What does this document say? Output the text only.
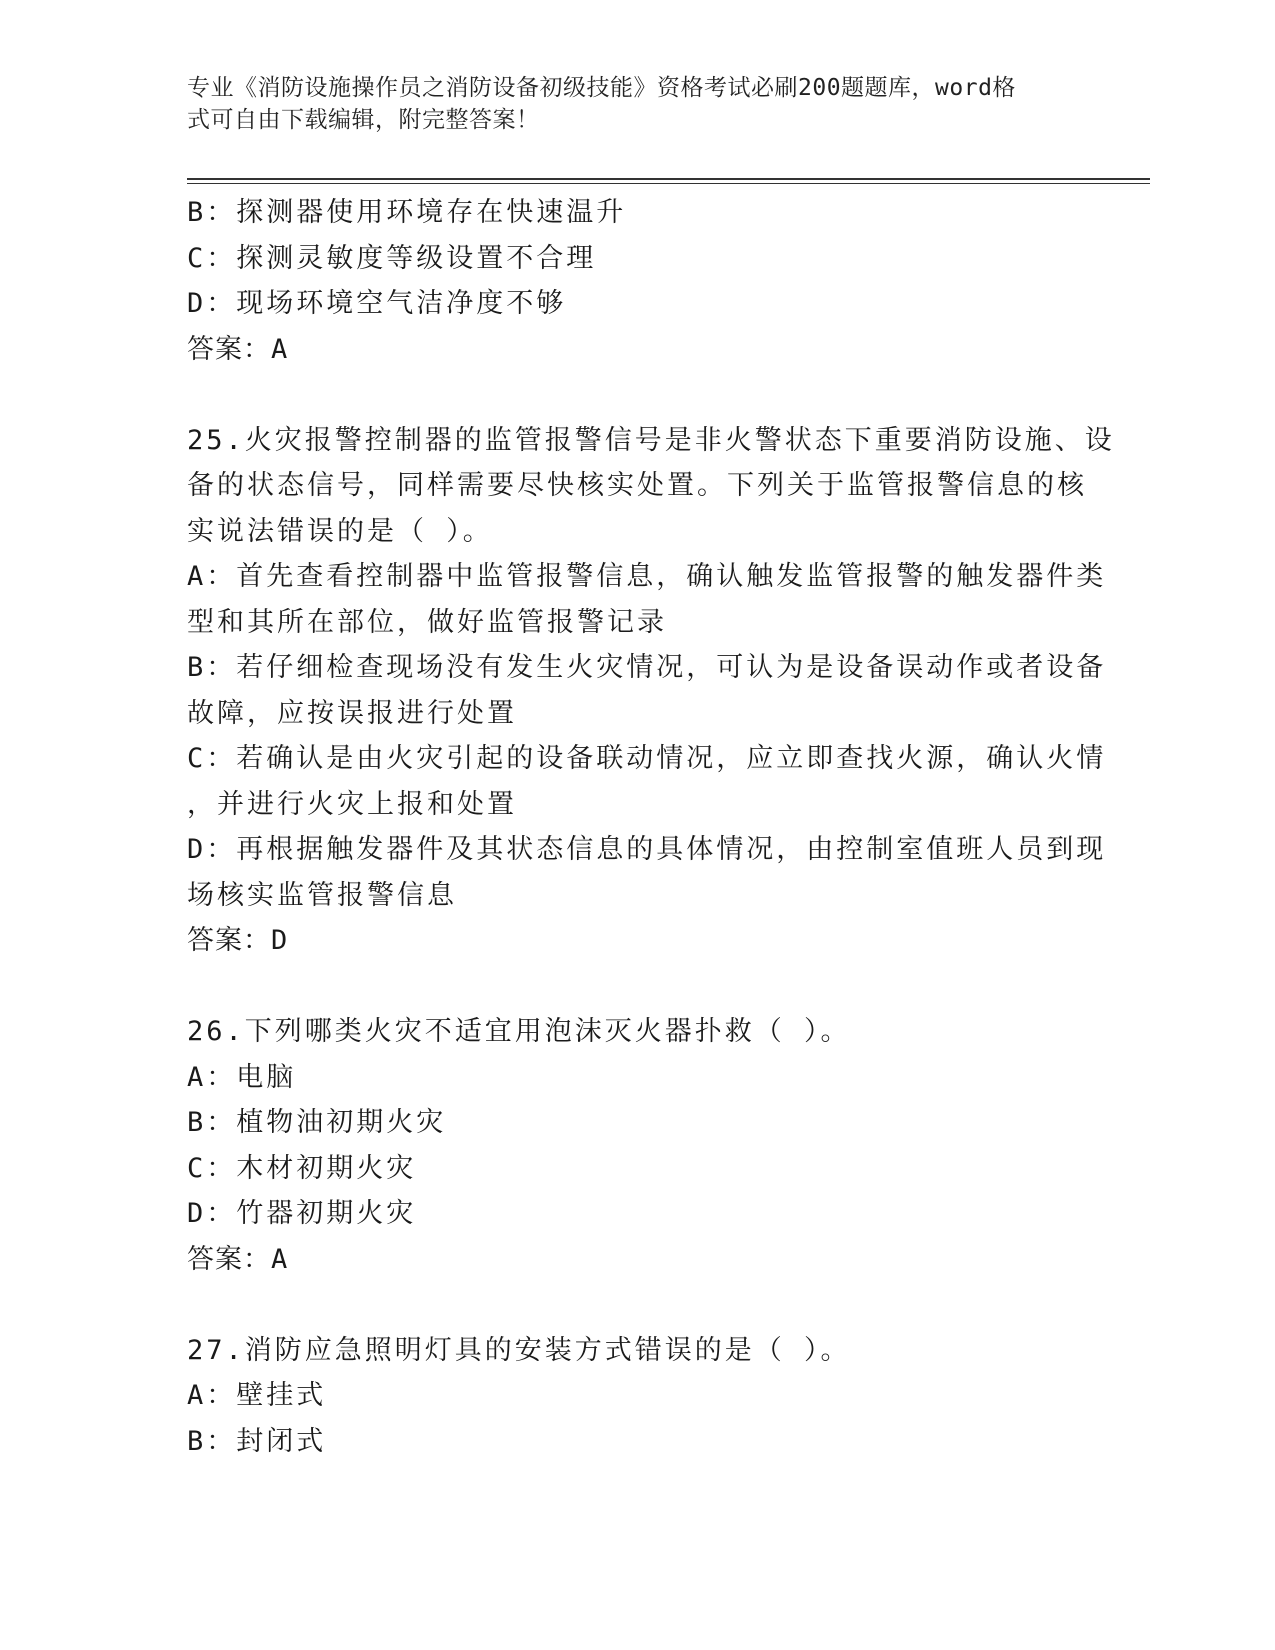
专业《消防设施操作员之消防设备初级技能》资格考试必刷200题题库，word格
式可自由下载编辑，附完整答案！
B：探测器使用环境存在快速温升
C：探测灵敏度等级设置不合理
D：现场环境空气洁净度不够
答案：A
25.火灾报警控制器的监管报警信号是非火警状态下重要消防设施、设
备的状态信号，同样需要尽快核实处置。下列关于监管报警信息的核
实说法错误的是（ ）。
A：首先查看控制器中监管报警信息，确认触发监管报警的触发器件类
型和其所在部位，做好监管报警记录
B：若仔细检查现场没有发生火灾情况，可认为是设备误动作或者设备
故障，应按误报进行处置
C：若确认是由火灾引起的设备联动情况，应立即查找火源，确认火情
，并进行火灾上报和处置
D：再根据触发器件及其状态信息的具体情况，由控制室值班人员到现
场核实监管报警信息
答案：D
26.下列哪类火灾不适宜用泡沫灭火器扑救（ ）。
A：电脑
B：植物油初期火灾
C：木材初期火灾
D：竹器初期火灾
答案：A
27.消防应急照明灯具的安装方式错误的是（ ）。
A：壁挂式
B：封闭式
